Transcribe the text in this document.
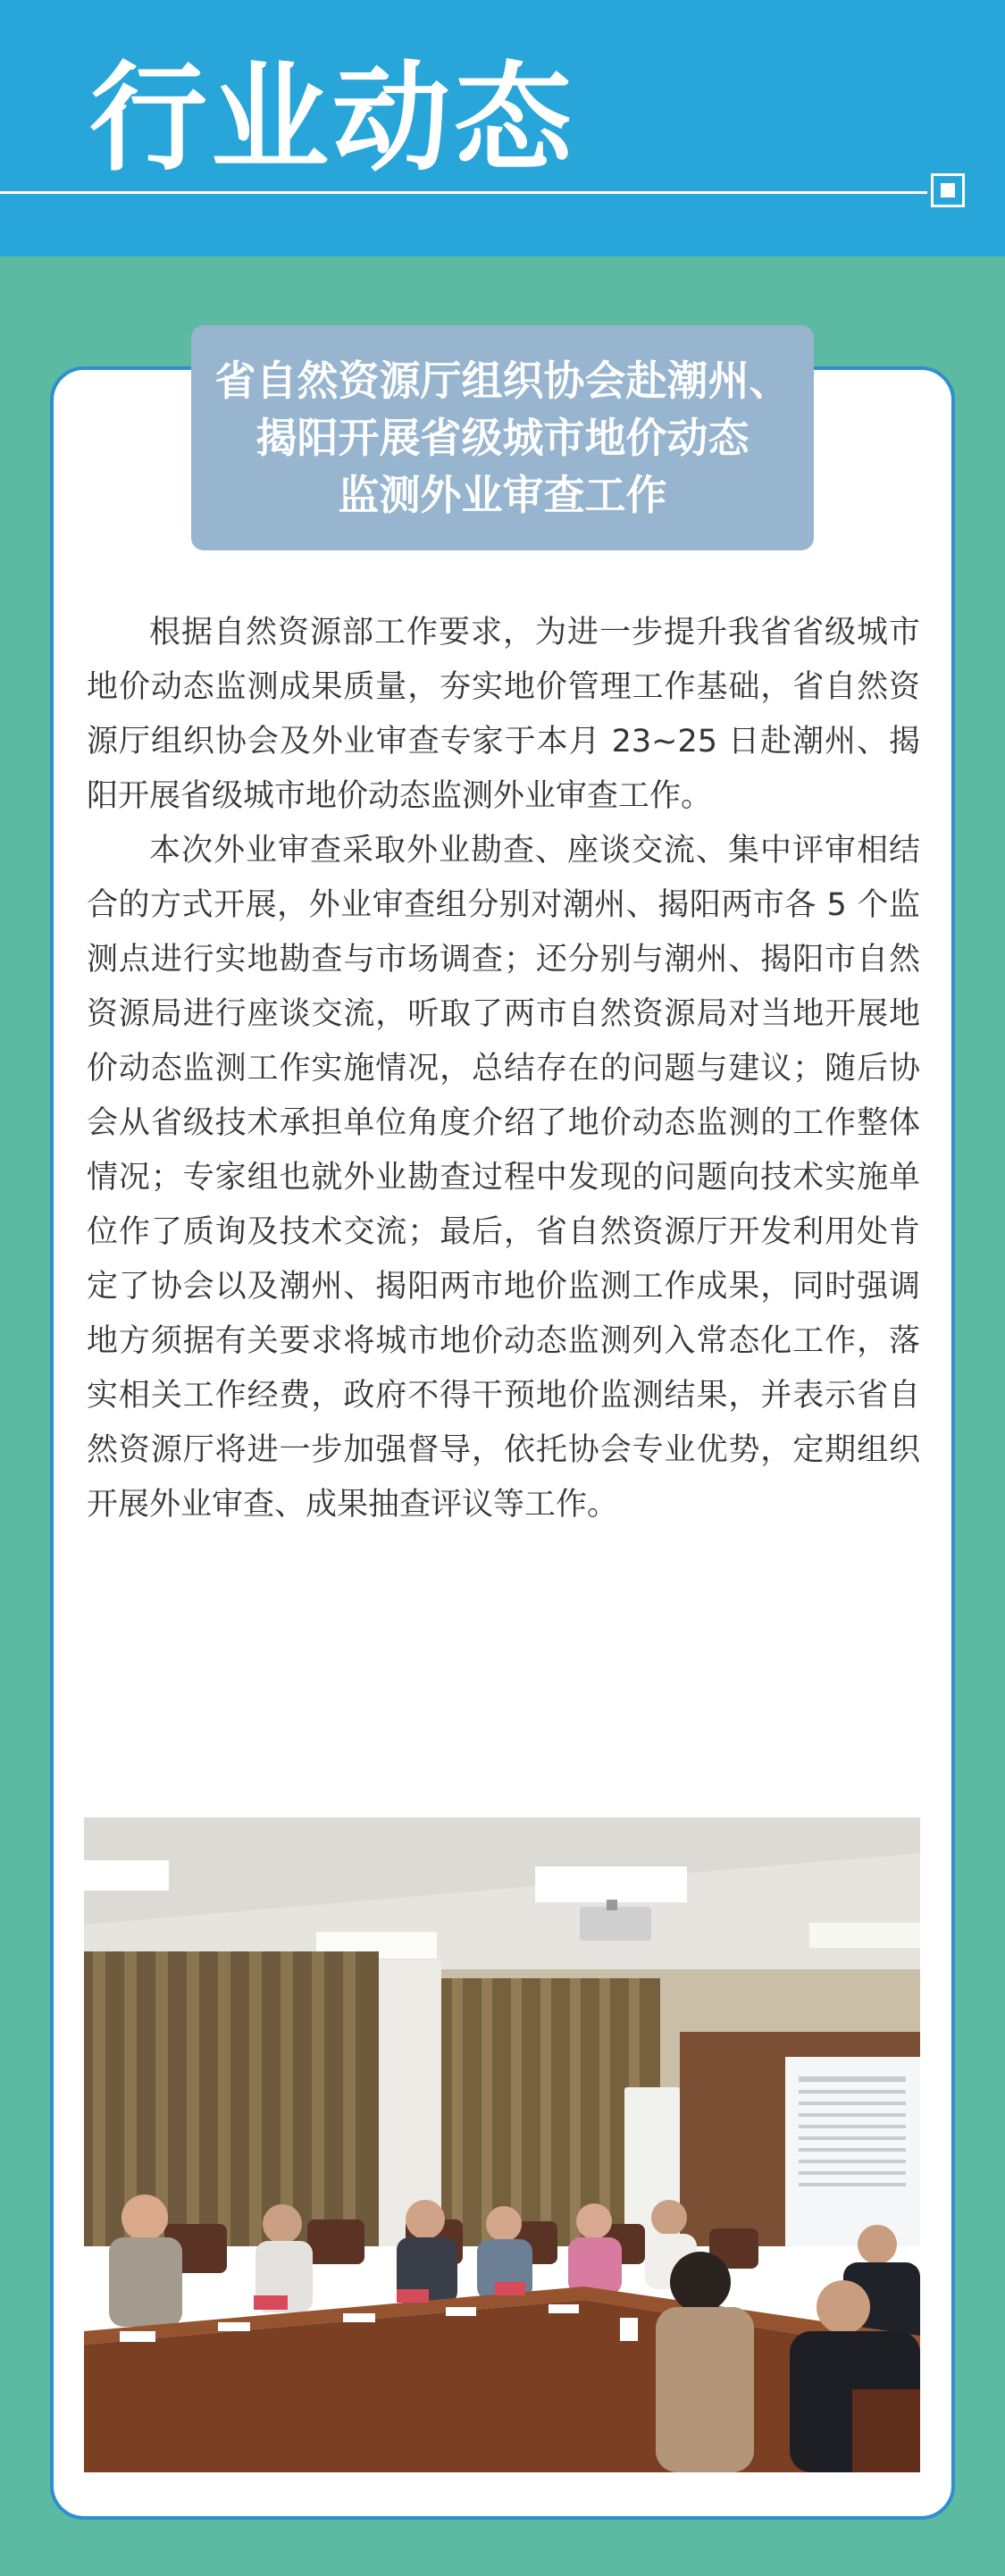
行业动态
省自然资源厅组织协会赴潮州、
揭阳开展省级城市地价动态
监测外业审查工作

根据自然资源部工作要求，为进一步提升我省省级城市地价动态监测成果质量，夯实地价管理工作基础，省自然资源厅组织协会及外业审查专家于本月 23~25 日赴潮州、揭阳开展省级城市地价动态监测外业审查工作。

本次外业审查采取外业勘查、座谈交流、集中评审相结合的方式开展，外业审查组分别对潮州、揭阳两市各 5 个监测点进行实地勘查与市场调查；还分别与潮州、揭阳市自然资源局进行座谈交流，听取了两市自然资源局对当地开展地价动态监测工作实施情况，总结存在的问题与建议；随后协会从省级技术承担单位角度介绍了地价动态监测的工作整体情况；专家组也就外业勘查过程中发现的问题向技术实施单位作了质询及技术交流；最后，省自然资源厅开发利用处肯定了协会以及潮州、揭阳两市地价监测工作成果，同时强调地方须据有关要求将城市地价动态监测列入常态化工作，落实相关工作经费，政府不得干预地价监测结果，并表示省自然资源厅将进一步加强督导，依托协会专业优势，定期组织开展外业审查、成果抽查评议等工作。
